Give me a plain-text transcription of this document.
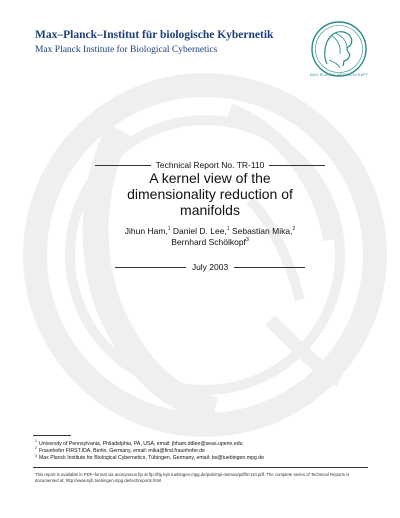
Max–Planck–Institut für biologische Kybernetik
Max Planck Institute for Biological Cybernetics
MAX-PLANCK-GESELLSCHAFT
Technical Report No. TR-110
A kernel view of the
dimensionality reduction of
manifolds
Jihun Ham,$^1$ Daniel D. Lee,$^1$ Sebastian Mika,$^2$
Bernhard Schölkopf$^3$
July 2003
$^1$ University of Pennsylvania, Philadelphia, PA, USA, email: jhham,ddlee@seas.upenn.edu
$^2$ Fraunhofer FIRST.IDA, Berlin, Germany, email: mika@first.fraunhofer.de
$^3$ Max Planck Institute for Biological Cybernetics, Tübingen, Germany, email: bs@tuebingen.mpg.de
This report is available in PDF–format via anonymous ftp at ftp://ftp.kyb.tuebingen.mpg.de/pub/mpi-memos/pdf/trr110.pdf. The complete series of Technical Reports is documented at: http://www.kyb.tuebingen.mpg.de/techreports.html
